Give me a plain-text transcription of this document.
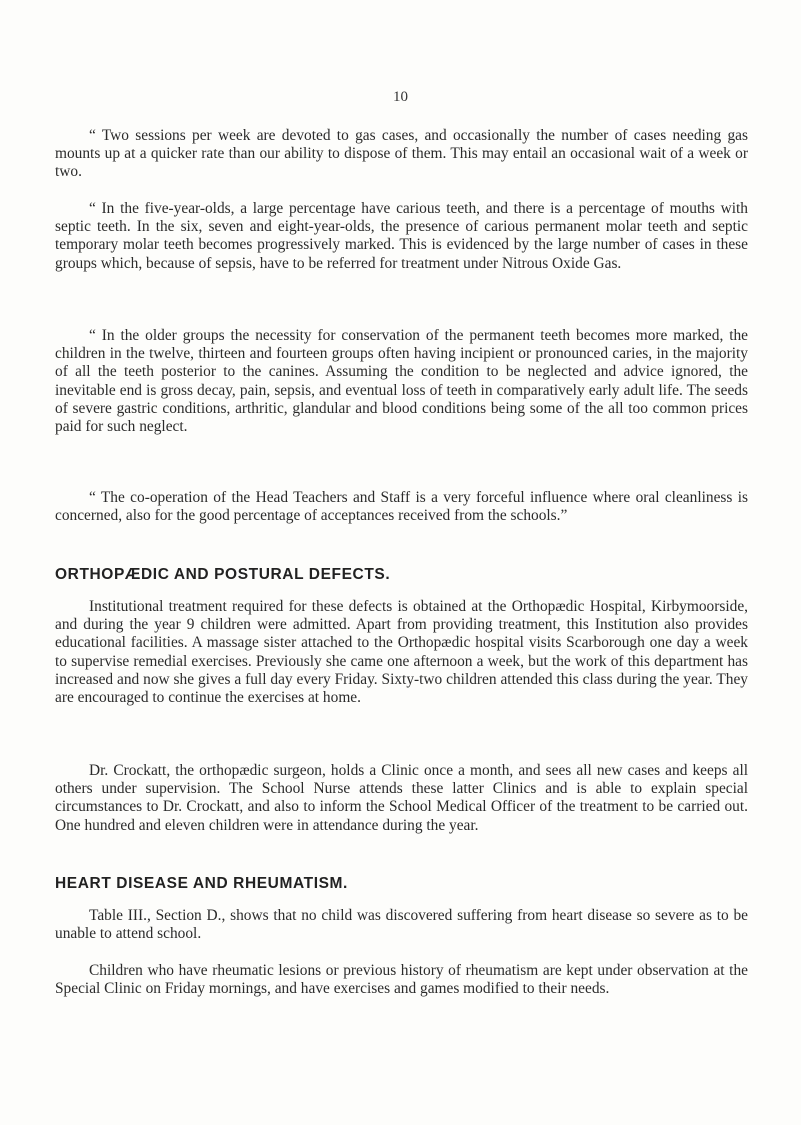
10

“ Two sessions per week are devoted to gas cases, and occasionally the number of cases needing gas mounts up at a quicker rate than our ability to dispose of them. This may entail an occasional wait of a week or two.

“ In the five-year-olds, a large percentage have carious teeth, and there is a percentage of mouths with septic teeth. In the six, seven and eight-year-olds, the presence of carious permanent molar teeth and septic temporary molar teeth becomes progressively marked. This is evidenced by the large number of cases in these groups which, because of sepsis, have to be referred for treatment under Nitrous Oxide Gas.

“ In the older groups the necessity for conservation of the permanent teeth becomes more marked, the children in the twelve, thirteen and fourteen groups often having incipient or pronounced caries, in the majority of all the teeth posterior to the canines. Assuming the condition to be neglected and advice ignored, the inevitable end is gross decay, pain, sepsis, and eventual loss of teeth in comparatively early adult life. The seeds of severe gastric conditions, arthritic, glandular and blood conditions being some of the all too common prices paid for such neglect.

“ The co-operation of the Head Teachers and Staff is a very forceful influence where oral cleanliness is concerned, also for the good percentage of acceptances received from the schools.”

ORTHOPÆDIC AND POSTURAL DEFECTS.

Institutional treatment required for these defects is obtained at the Orthopædic Hospital, Kirbymoorside, and during the year 9 children were admitted. Apart from providing treatment, this Institution also provides educational facilities. A massage sister attached to the Orthopædic hospital visits Scarborough one day a week to supervise remedial exercises. Previously she came one afternoon a week, but the work of this department has increased and now she gives a full day every Friday. Sixty-two children attended this class during the year. They are encouraged to continue the exercises at home.

Dr. Crockatt, the orthopædic surgeon, holds a Clinic once a month, and sees all new cases and keeps all others under supervision. The School Nurse attends these latter Clinics and is able to explain special circumstances to Dr. Crockatt, and also to inform the School Medical Officer of the treatment to be carried out. One hundred and eleven children were in attendance during the year.

HEART DISEASE AND RHEUMATISM.

Table III., Section D., shows that no child was discovered suffering from heart disease so severe as to be unable to attend school.

Children who have rheumatic lesions or previous history of rheumatism are kept under observation at the Special Clinic on Friday mornings, and have exercises and games modified to their needs.
